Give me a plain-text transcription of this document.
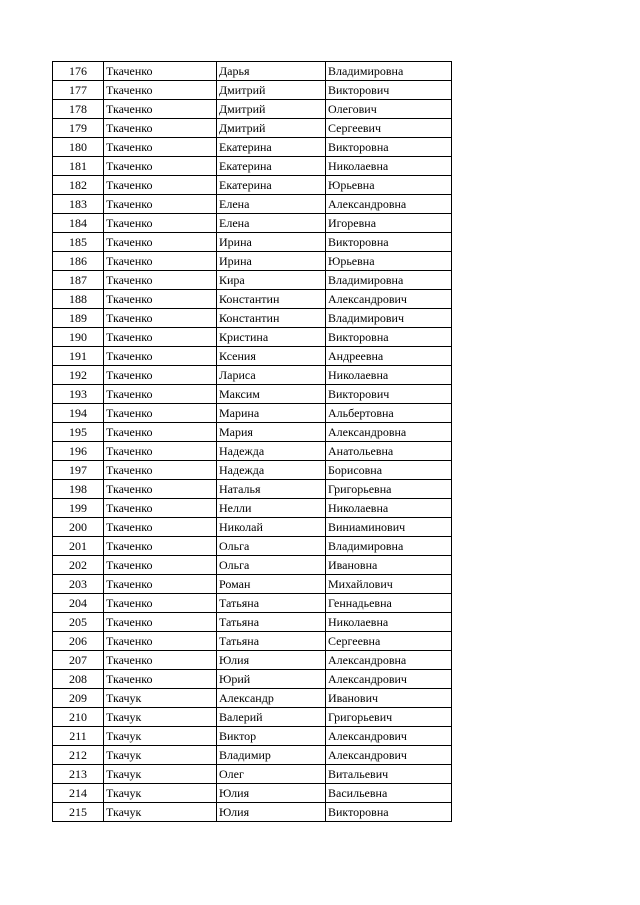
176	Ткаченко	Дарья	Владимировна
177	Ткаченко	Дмитрий	Викторович
178	Ткаченко	Дмитрий	Олегович
179	Ткаченко	Дмитрий	Сергеевич
180	Ткаченко	Екатерина	Викторовна
181	Ткаченко	Екатерина	Николаевна
182	Ткаченко	Екатерина	Юрьевна
183	Ткаченко	Елена	Александровна
184	Ткаченко	Елена	Игоревна
185	Ткаченко	Ирина	Викторовна
186	Ткаченко	Ирина	Юрьевна
187	Ткаченко	Кира	Владимировна
188	Ткаченко	Константин	Александрович
189	Ткаченко	Константин	Владимирович
190	Ткаченко	Кристина	Викторовна
191	Ткаченко	Ксения	Андреевна
192	Ткаченко	Лариса	Николаевна
193	Ткаченко	Максим	Викторович
194	Ткаченко	Марина	Альбертовна
195	Ткаченко	Мария	Александровна
196	Ткаченко	Надежда	Анатольевна
197	Ткаченко	Надежда	Борисовна
198	Ткаченко	Наталья	Григорьевна
199	Ткаченко	Нелли	Николаевна
200	Ткаченко	Николай	Виниаминович
201	Ткаченко	Ольга	Владимировна
202	Ткаченко	Ольга	Ивановна
203	Ткаченко	Роман	Михайлович
204	Ткаченко	Татьяна	Геннадьевна
205	Ткаченко	Татьяна	Николаевна
206	Ткаченко	Татьяна	Сергеевна
207	Ткаченко	Юлия	Александровна
208	Ткаченко	Юрий	Александрович
209	Ткачук	Александр	Иванович
210	Ткачук	Валерий	Григорьевич
211	Ткачук	Виктор	Александрович
212	Ткачук	Владимир	Александрович
213	Ткачук	Олег	Витальевич
214	Ткачук	Юлия	Васильевна
215	Ткачук	Юлия	Викторовна
